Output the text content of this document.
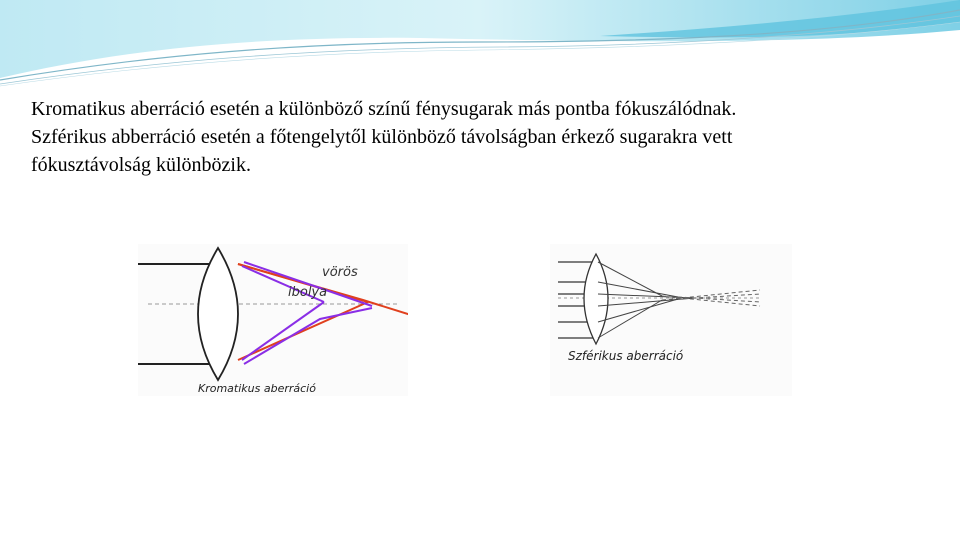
Kromatikus aberráció esetén a különböző színű fénysugarak más pontba fókuszálódnak.
Szférikus abberráció esetén a főtengelytől különböző távolságban érkező sugarakra vett
fókusztávolság különbözik.
vörös
ibolya
Kromatikus aberráció
Szférikus aberráció
